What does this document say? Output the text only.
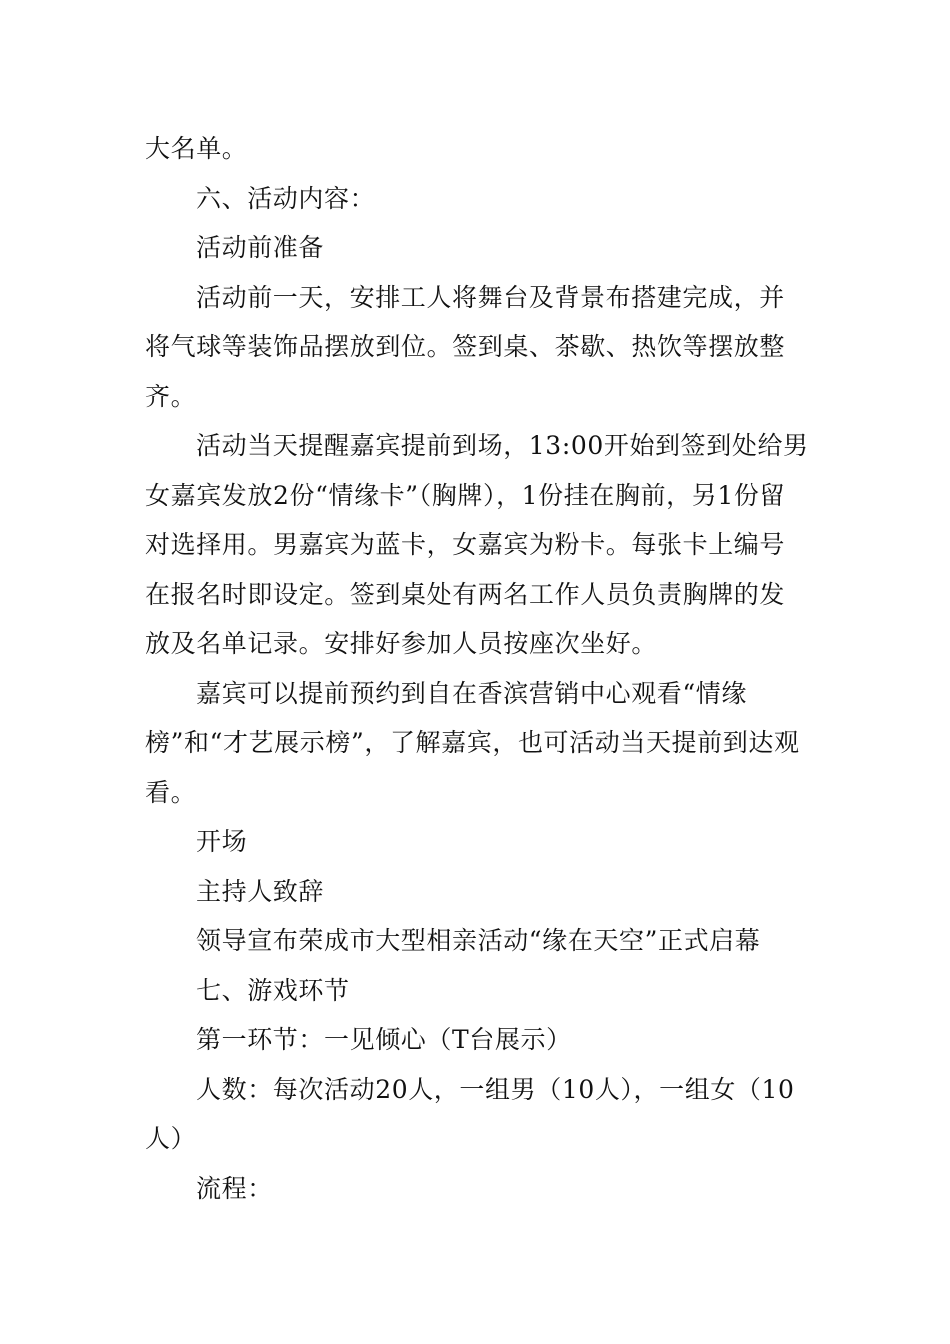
大名单。

六、活动内容：

活动前准备

活动前一天，安排工人将舞台及背景布搭建完成，并将气球等装饰品摆放到位。签到桌、茶歇、热饮等摆放整齐。

活动当天提醒嘉宾提前到场，13:00开始到签到处给男女嘉宾发放2份“情缘卡”（胸牌），1份挂在胸前，另1份留对选择用。男嘉宾为蓝卡，女嘉宾为粉卡。每张卡上编号在报名时即设定。签到桌处有两名工作人员负责胸牌的发放及名单记录。安排好参加人员按座次坐好。

嘉宾可以提前预约到自在香滨营销中心观看“情缘榜”和“才艺展示榜”，了解嘉宾，也可活动当天提前到达观看。

开场

主持人致辞

领导宣布荣成市大型相亲活动“缘在天空”正式启幕

七、游戏环节

第一环节：一见倾心（T台展示）

人数：每次活动20人，一组男（10人），一组女（10人）

流程：
